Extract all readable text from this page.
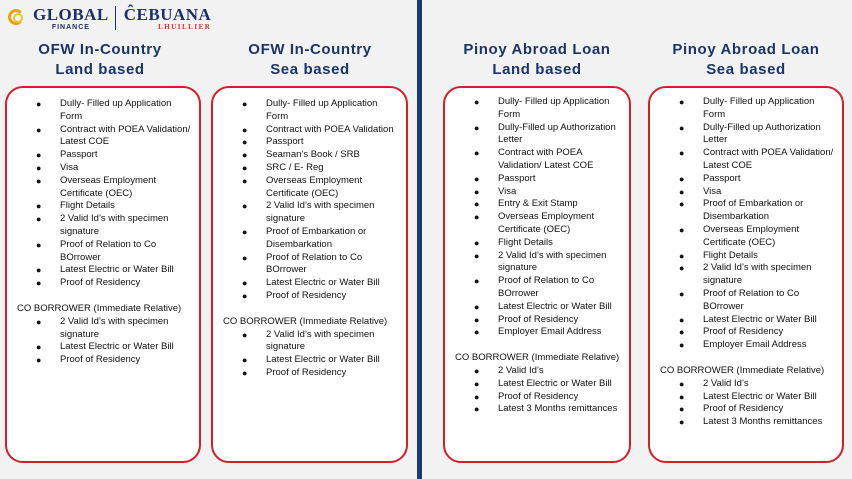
GLOBAL
FINANCE
ĈEBUANA
LHUILLIER
OFW In-Country
Land based
● Dully- Filled up Application Form
● Contract with POEA Validation/ Latest COE
● Passport
● Visa
● Overseas Employment Certificate (OEC)
● Flight Details
● 2 Valid Id’s with specimen signature
● Proof of Relation to Co BOrrower
● Latest Electric or Water Bill
● Proof of Residency
CO BORROWER (Immediate Relative)
● 2 Valid Id’s with specimen signature
● Latest Electric or Water Bill
● Proof of Residency
OFW In-Country
Sea based
● Dully- Filled up Application Form
● Contract with POEA Validation
● Passport
● Seaman’s Book / SRB
● SRC / E- Reg
● Overseas Employment Certificate (OEC)
● 2 Valid Id’s with specimen signature
● Proof of Embarkation or Disembarkation
● Proof of Relation to Co BOrrower
● Latest Electric or Water Bill
● Proof of Residency
CO BORROWER (Immediate Relative)
● 2 Valid Id’s with specimen signature
● Latest Electric or Water Bill
● Proof of Residency
Pinoy Abroad Loan
Land based
● Dully- Filled up Application Form
● Dully-Filled up Authorization Letter
● Contract with POEA Validation/ Latest COE
● Passport
● Visa
● Entry & Exit Stamp
● Overseas Employment Certificate (OEC)
● Flight Details
● 2 Valid Id’s with specimen signature
● Proof of Relation to Co BOrrower
● Latest Electric or Water Bill
● Proof of Residency
● Employer Email Address
CO BORROWER (Immediate Relative)
● 2 Valid Id’s
● Latest Electric or Water Bill
● Proof of Residency
● Latest 3 Months remittances
Pinoy Abroad Loan
Sea based
● Dully- Filled up Application Form
● Dully-Filled up Authorization Letter
● Contract with POEA Validation/ Latest COE
● Passport
● Visa
● Proof of Embarkation or Disembarkation
● Overseas Employment Certificate (OEC)
● Flight Details
● 2 Valid Id’s with specimen signature
● Proof of Relation to Co BOrrower
● Latest Electric or Water Bill
● Proof of Residency
● Employer Email Address
CO BORROWER (Immediate Relative)
● 2 Valid Id’s
● Latest Electric or Water Bill
● Proof of Residency
● Latest 3 Months remittances
